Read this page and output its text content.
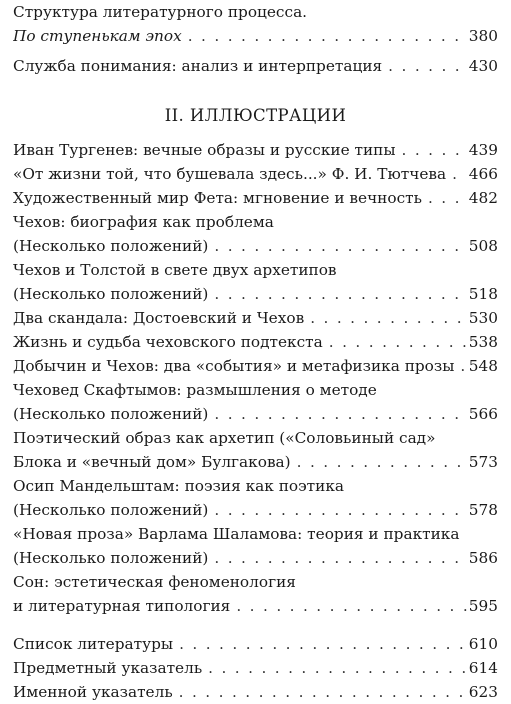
Структура литературного процесса.
По ступенькам эпох . . .	380
Служба понимания: анализ и интерпретация . . .	430
II. ИЛЛЮСТРАЦИИ
Иван Тургенев: вечные образы и русские типы . . .	439
«От жизни той, что бушевала здесь...» Ф. И. Тютчева . . . 466
Художественный мир Фета: мгновение и вечность . . .	482
Чехов: биография как проблема
(Несколько положений) . . .	508
Чехов и Толстой в свете двух архетипов
(Несколько положений) . . .	518
Два скандала: Достоевский и Чехов . . .	530
Жизнь и судьба чеховского подтекста . . .	538
Добычин и Чехов: два «события» и метафизика прозы . . . 548
Чеховед Скафтымов: размышления о методе
(Несколько положений) . . .	566
Поэтический образ как архетип («Соловьиный сад»
Блока и «вечный дом» Булгакова) . . .	573
Осип Мандельштам: поэзия как поэтика
(Несколько положений) . . .	578
«Новая проза» Варлама Шаламова: теория и практика
(Несколько положений) . . .	586
Сон: эстетическая феноменология
и литературная типология . . .	595
Список литературы . . .	610
Предметный указатель . . .	614
Именной указатель . . .	623
